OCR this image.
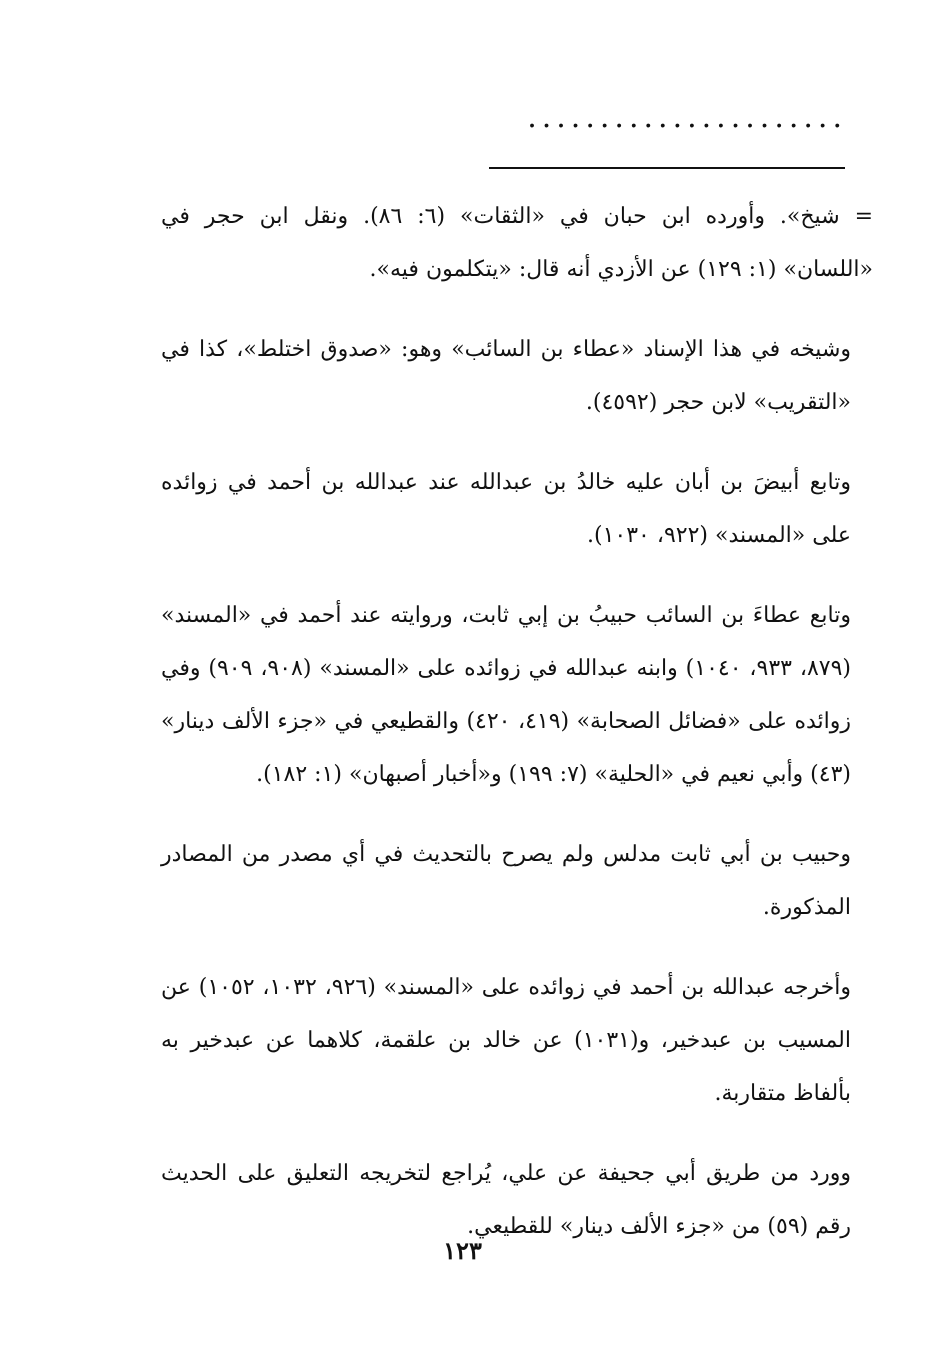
......................

= شيخ». وأورده ابن حبان في «الثقات» (٦: ٨٦). ونقل ابن حجر في «اللسان» (١: ١٢٩) عن الأزدي أنه قال: «يتكلمون فيه».

وشيخه في هذا الإسناد «عطاء بن السائب» وهو: «صدوق اختلط»، كذا في «التقريب» لابن حجر (٤٥٩٢).

وتابع أبيضَ بن أبان عليه خالدُ بن عبدالله عند عبدالله بن أحمد في زوائده على «المسند» (٩٢٢، ١٠٣٠).

وتابع عطاءَ بن السائب حبيبُ بن إبي ثابت، وروايته عند أحمد في «المسند» (٨٧٩، ٩٣٣، ١٠٤٠) وابنه عبدالله في زوائده على «المسند» (٩٠٨، ٩٠٩) وفي زوائده على «فضائل الصحابة» (٤١٩، ٤٢٠) والقطيعي في «جزء الألف دينار» (٤٣) وأبي نعيم في «الحلية» (٧: ١٩٩) و«أخبار أصبهان» (١: ١٨٢).

وحبيب بن أبي ثابت مدلس ولم يصرح بالتحديث في أي مصدر من المصادر المذكورة.

وأخرجه عبدالله بن أحمد في زوائده على «المسند» (٩٢٦، ١٠٣٢، ١٠٥٢) عن المسيب بن عبدخير، و(١٠٣١) عن خالد بن علقمة، كلاهما عن عبدخير به بألفاظ متقاربة.

وورد من طريق أبي جحيفة عن علي، يُراجع لتخريجه التعليق على الحديث رقم (٥٩) من «جزء الألف دينار» للقطيعي.

١٢٣
